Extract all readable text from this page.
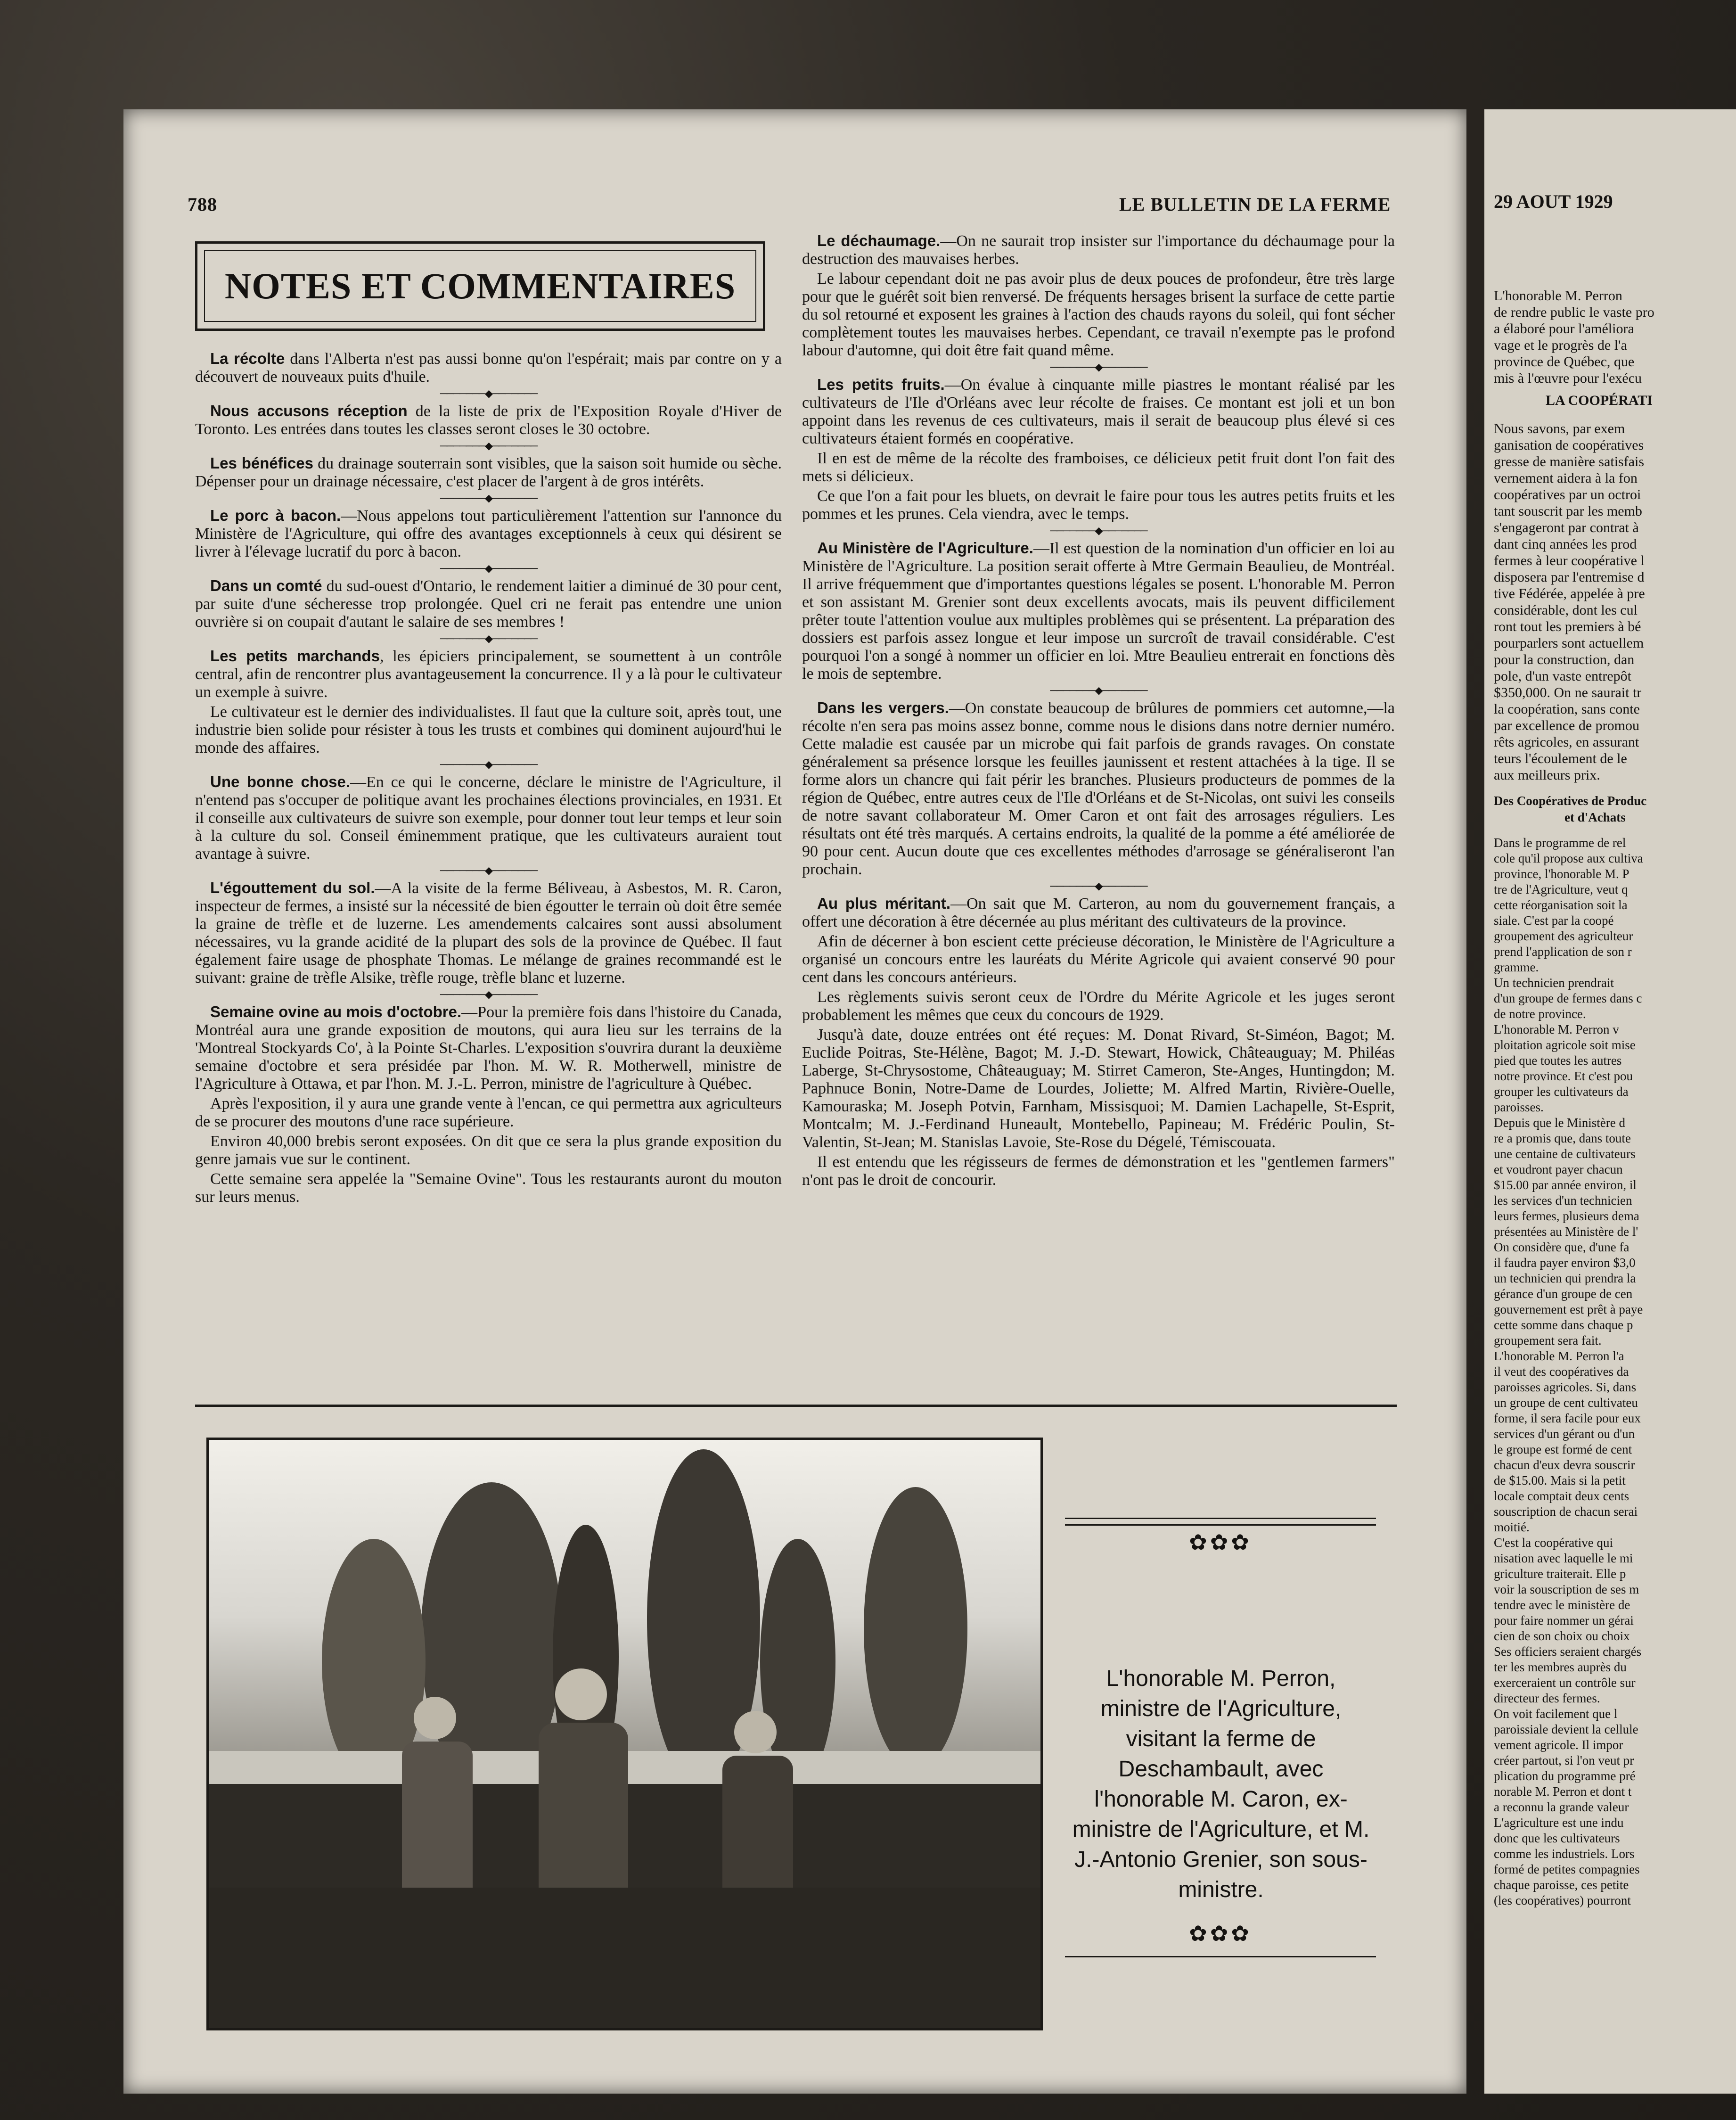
29 AOUT 1929

L'honorable M. Perron

de rendre public le vaste pro

a élaboré pour l'améliora

vage et le progrès de l'a

province de Québec, que

mis à l'œuvre pour l'exécu

LA COOPÉRATI

Nous savons, par exem

ganisation de coopératives

gresse de manière satisfais

vernement aidera à la fon

coopératives par un octroi

tant souscrit par les memb

s'engageront par contrat à

dant cinq années les prod

fermes à leur coopérative l

disposera par l'entremise d

tive Fédérée, appelée à pre

considérable, dont les cul

ront tout les premiers à bé

pourparlers sont actuellem

pour la construction, dan

pole, d'un vaste entrepôt

$350,000. On ne saurait tr

la coopération, sans conte

par excellence de promou

rêts agricoles, en assurant

teurs l'écoulement de le

aux meilleurs prix.

Des Coopératives de Produc

et d'Achats

Dans le programme de rel

cole qu'il propose aux cultiva

province, l'honorable M. P

tre de l'Agriculture, veut q

cette réorganisation soit la

siale. C'est par la coopé

groupement des agriculteur

prend l'application de son r

gramme.

Un technicien prendrait

d'un groupe de fermes dans c

de notre province.

L'honorable M. Perron v

ploitation agricole soit mise

pied que toutes les autres

notre province. Et c'est pou

grouper les cultivateurs da

paroisses.

Depuis que le Ministère d

re a promis que, dans toute

une centaine de cultivateurs

et voudront payer chacun

$15.00 par année environ, il

les services d'un technicien

leurs fermes, plusieurs dema

présentées au Ministère de l'

On considère que, d'une fa

il faudra payer environ $3,0

un technicien qui prendra la

gérance d'un groupe de cen

gouvernement est prêt à paye

cette somme dans chaque p

groupement sera fait.

L'honorable M. Perron l'a

il veut des coopératives da

paroisses agricoles. Si, dans

un groupe de cent cultivateu

forme, il sera facile pour eux

services d'un gérant ou d'un

le groupe est formé de cent

chacun d'eux devra souscrir

de $15.00. Mais si la petit

locale comptait deux cents

souscription de chacun serai

moitié.

C'est la coopérative qui

nisation avec laquelle le mi

griculture traiterait. Elle p

voir la souscription de ses m

tendre avec le ministère de

pour faire nommer un gérai

cien de son choix ou choix

Ses officiers seraient chargés

ter les membres auprès du

exerceraient un contrôle sur

directeur des fermes.

On voit facilement que l

paroissiale devient la cellule

vement agricole. Il impor

créer partout, si l'on veut pr

plication du programme pré

norable M. Perron et dont t

a reconnu la grande valeur

L'agriculture est une indu

donc que les cultivateurs

comme les industriels. Lors

formé de petites compagnies

chaque paroisse, ces petite

(les coopératives) pourront

788	LE BULLETIN DE LA FERME
NOTES ET COMMENTAIRES

La récolte dans l'Alberta n'est pas aussi bonne qu'on l'espérait; mais par contre on y a découvert de nouveaux puits d'huile.

───────◆───────

Nous accusons réception de la liste de prix de l'Exposition Royale d'Hiver de Toronto. Les entrées dans toutes les classes seront closes le 30 octobre.

───────◆───────

Les bénéfices du drainage souterrain sont visibles, que la saison soit humide ou sèche. Dépenser pour un drainage nécessaire, c'est placer de l'argent à de gros intérêts.

───────◆───────

Le porc à bacon.—Nous appelons tout particulièrement l'attention sur l'annonce du Ministère de l'Agriculture, qui offre des avantages exceptionnels à ceux qui désirent se livrer à l'élevage lucratif du porc à bacon.

───────◆───────

Dans un comté du sud-ouest d'Ontario, le rendement laitier a diminué de 30 pour cent, par suite d'une sécheresse trop prolongée. Quel cri ne ferait pas entendre une union ouvrière si on coupait d'autant le salaire de ses membres !

───────◆───────

Les petits marchands, les épiciers principalement, se soumettent à un contrôle central, afin de rencontrer plus avantageusement la concurrence. Il y a là pour le cultivateur un exemple à suivre.

Le cultivateur est le dernier des individualistes. Il faut que la culture soit, après tout, une industrie bien solide pour résister à tous les trusts et combines qui dominent aujourd'hui le monde des affaires.

───────◆───────

Une bonne chose.—En ce qui le concerne, déclare le ministre de l'Agriculture, il n'entend pas s'occuper de politique avant les prochaines élections provinciales, en 1931. Et il conseille aux cultivateurs de suivre son exemple, pour donner tout leur temps et leur soin à la culture du sol. Conseil éminemment pratique, que les cultivateurs auraient tout avantage à suivre.

───────◆───────

L'égouttement du sol.—A la visite de la ferme Béliveau, à Asbestos, M. R. Caron, inspecteur de fermes, a insisté sur la nécessité de bien égoutter le terrain où doit être semée la graine de trèfle et de luzerne. Les amendements calcaires sont aussi absolument nécessaires, vu la grande acidité de la plupart des sols de la province de Québec. Il faut également faire usage de phosphate Thomas. Le mélange de graines recommandé est le suivant: graine de trèfle Alsike, trèfle rouge, trèfle blanc et luzerne.

───────◆───────

Semaine ovine au mois d'octobre.—Pour la première fois dans l'histoire du Canada, Montréal aura une grande exposition de moutons, qui aura lieu sur les terrains de la 'Montreal Stockyards Co', à la Pointe St-Charles. L'exposition s'ouvrira durant la deuxième semaine d'octobre et sera présidée par l'hon. M. W. R. Motherwell, ministre de l'Agriculture à Ottawa, et par l'hon. M. J.-L. Perron, ministre de l'agriculture à Québec.

Après l'exposition, il y aura une grande vente à l'encan, ce qui permettra aux agriculteurs de se procurer des moutons d'une race supérieure.

Environ 40,000 brebis seront exposées. On dit que ce sera la plus grande exposition du genre jamais vue sur le continent.

Cette semaine sera appelée la "Semaine Ovine". Tous les restaurants auront du mouton sur leurs menus.

Le déchaumage.—On ne saurait trop insister sur l'importance du déchaumage pour la destruction des mauvaises herbes.

Le labour cependant doit ne pas avoir plus de deux pouces de profondeur, être très large pour que le guérêt soit bien renversé. De fréquents hersages brisent la surface de cette partie du sol retourné et exposent les graines à l'action des chauds rayons du soleil, qui font sécher complètement toutes les mauvaises herbes. Cependant, ce travail n'exempte pas le profond labour d'automne, qui doit être fait quand même.

───────◆───────

Les petits fruits.—On évalue à cinquante mille piastres le montant réalisé par les cultivateurs de l'Ile d'Orléans avec leur récolte de fraises. Ce montant est joli et un bon appoint dans les revenus de ces cultivateurs, mais il serait de beaucoup plus élevé si ces cultivateurs étaient formés en coopérative.

Il en est de même de la récolte des framboises, ce délicieux petit fruit dont l'on fait des mets si délicieux.

Ce que l'on a fait pour les bluets, on devrait le faire pour tous les autres petits fruits et les pommes et les prunes. Cela viendra, avec le temps.

───────◆───────

Au Ministère de l'Agriculture.—Il est question de la nomination d'un officier en loi au Ministère de l'Agriculture. La position serait offerte à Mtre Germain Beaulieu, de Montréal. Il arrive fréquemment que d'importantes questions légales se posent. L'honorable M. Perron et son assistant M. Grenier sont deux excellents avocats, mais ils peuvent difficilement prêter toute l'attention voulue aux multiples problèmes qui se présentent. La préparation des dossiers est parfois assez longue et leur impose un surcroît de travail considérable. C'est pourquoi l'on a songé à nommer un officier en loi. Mtre Beaulieu entrerait en fonctions dès le mois de septembre.

───────◆───────

Dans les vergers.—On constate beaucoup de brûlures de pommiers cet automne,—la récolte n'en sera pas moins assez bonne, comme nous le disions dans notre dernier numéro. Cette maladie est causée par un microbe qui fait parfois de grands ravages. On constate généralement sa présence lorsque les feuilles jaunissent et restent attachées à la tige. Il se forme alors un chancre qui fait périr les branches. Plusieurs producteurs de pommes de la région de Québec, entre autres ceux de l'Ile d'Orléans et de St-Nicolas, ont suivi les conseils de notre savant collaborateur M. Omer Caron et ont fait des arrosages réguliers. Les résultats ont été très marqués. A certains endroits, la qualité de la pomme a été améliorée de 90 pour cent. Aucun doute que ces excellentes méthodes d'arrosage se généraliseront l'an prochain.

───────◆───────

Au plus méritant.—On sait que M. Carteron, au nom du gouvernement français, a offert une décoration à être décernée au plus méritant des cultivateurs de la province.

Afin de décerner à bon escient cette précieuse décoration, le Ministère de l'Agriculture a organisé un concours entre les lauréats du Mérite Agricole qui avaient conservé 90 pour cent dans les concours antérieurs.

Les règlements suivis seront ceux de l'Ordre du Mérite Agricole et les juges seront probablement les mêmes que ceux du concours de 1929.

Jusqu'à date, douze entrées ont été reçues: M. Donat Rivard, St-Siméon, Bagot; M. Euclide Poitras, Ste-Hélène, Bagot; M. J.-D. Stewart, Howick, Châteauguay; M. Philéas Laberge, St-Chrysostome, Châteauguay; M. Stirret Cameron, Ste-Anges, Huntingdon; M. Paphnuce Bonin, Notre-Dame de Lourdes, Joliette; M. Alfred Martin, Rivière-Ouelle, Kamouraska; M. Joseph Potvin, Farnham, Missisquoi; M. Damien Lachapelle, St-Esprit, Montcalm; M. J.-Ferdinand Huneault, Montebello, Papineau; M. Frédéric Poulin, St-Valentin, St-Jean; M. Stanislas Lavoie, Ste-Rose du Dégelé, Témiscouata.

Il est entendu que les régisseurs de fermes de démonstration et les "gentlemen farmers" n'ont pas le droit de concourir.

✿✿✿
L'honorable M. Perron, ministre de l'Agriculture, visitant la ferme de Deschambault, avec l'honorable M. Caron, ex-ministre de l'Agriculture, et M. J.-Antonio Grenier, son sous-ministre.
✿✿✿
